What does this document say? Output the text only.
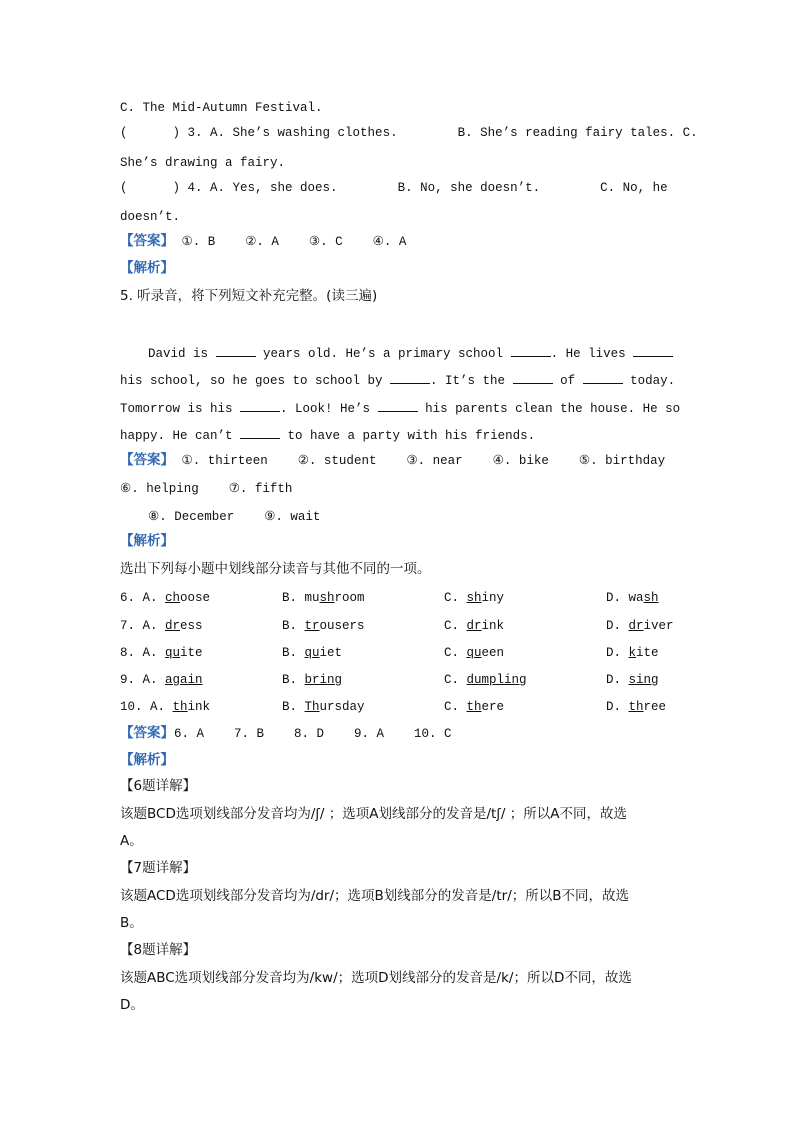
C. The Mid-Autumn Festival.
(      ) 3. A. She’s washing clothes.        B. She’s reading fairy tales. C.
She’s drawing a fairy.
(      ) 4. A. Yes, she does.        B. No, she doesn’t.        C. No, he
doesn’t.
【答案】 ①. B    ②. A    ③. C    ④. A
【解析】
5. 听录音，将下列短文补充完整。(读三遍)
David is	years old. He’s a primary school	. He lives
his school, so he goes to school by	. It’s the	of	today.
Tomorrow is his	. Look! He’s	his parents clean the house. He so
happy. He can’t	to have a party with his friends.
【答案】 ①. thirteen    ②. student    ③. near    ④. bike    ⑤. birthday
⑥. helping    ⑦. fifth
⑧. December    ⑨. wait
【解析】
选出下列每小题中划线部分读音与其他不同的一项。
6. A. choose	B. mushroom	C. shiny	D. wash
7. A. dress	B. trousers	C. drink	D. driver
8. A. quite	B. quiet	C. queen	D. kite
9. A. again	B. bring	C. dumpling	D. sing
10. A. think	B. Thursday	C. there	D. three
【答案】6. A    7. B    8. D    9. A    10. C
【解析】
【6题详解】
该题BCD选项划线部分发音均为/ʃ/ ；选项A划线部分的发音是/tʃ/ ；所以A不同，故选
A。
【7题详解】
该题ACD选项划线部分发音均为/dr/；选项B划线部分的发音是/tr/；所以B不同，故选
B。
【8题详解】
该题ABC选项划线部分发音均为/kw/；选项D划线部分的发音是/k/；所以D不同，故选
D。
